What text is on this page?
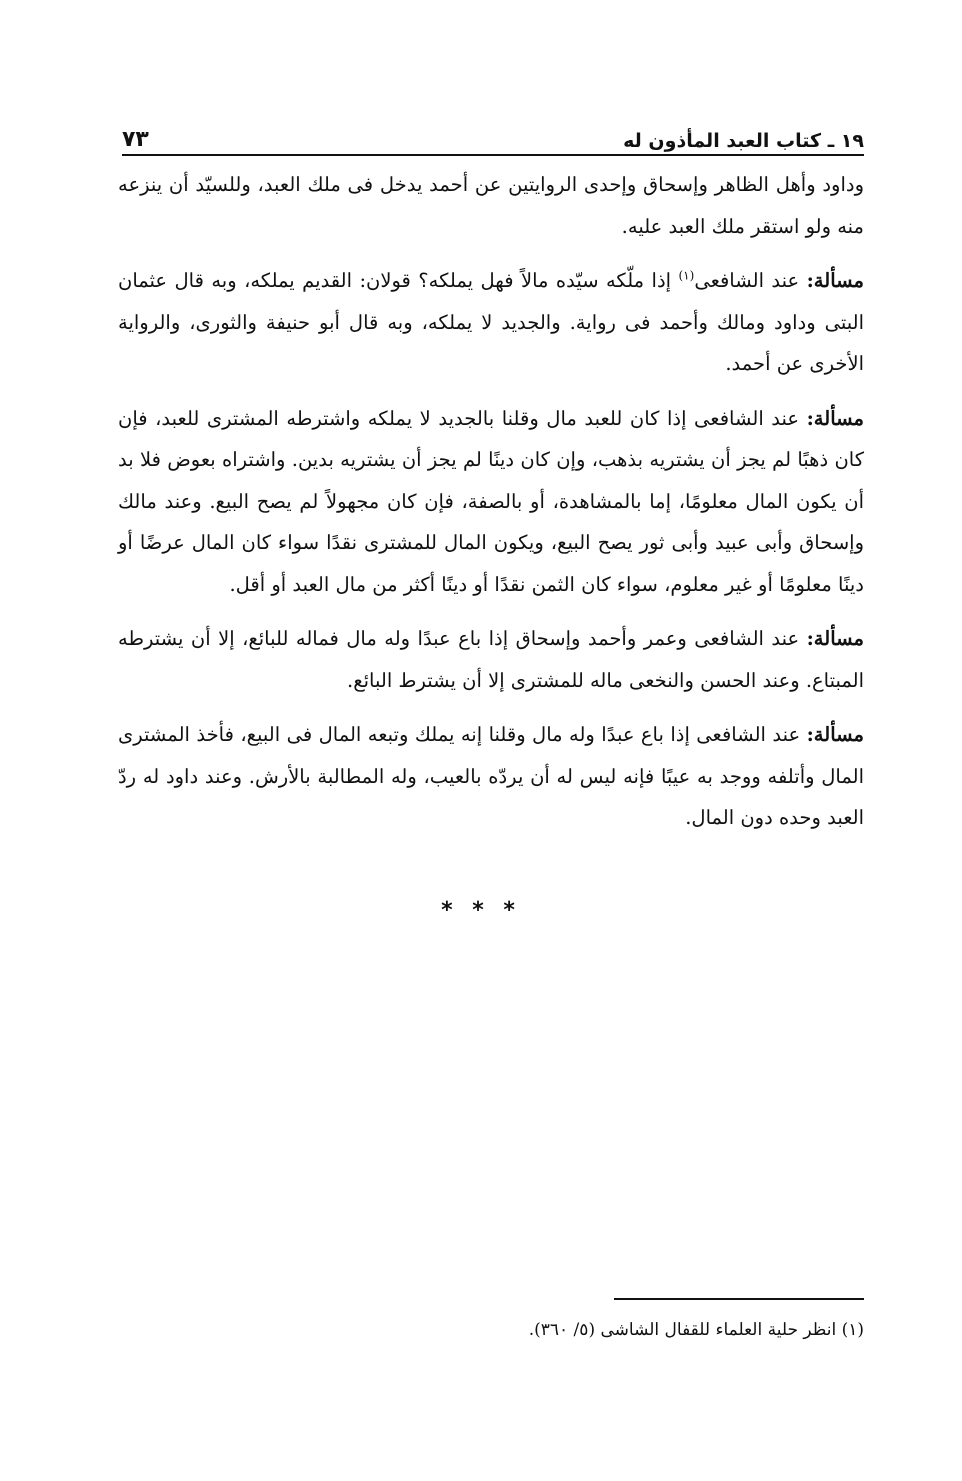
١٩ ـ كتاب العبد المأذون له
٧٣

وداود وأهل الظاهر وإسحاق وإحدى الروايتين عن أحمد يدخل فى ملك العبد، وللسيّد أن ينزعه منه ولو استقر ملك العبد عليه.

مسألة: عند الشافعى$^{(١)}$ إذا ملّكه سيّده مالاً فهل يملكه؟ قولان: القديم يملكه، وبه قال عثمان البتى وداود ومالك وأحمد فى رواية. والجديد لا يملكه، وبه قال أبو حنيفة والثورى، والرواية الأخرى عن أحمد.

مسألة: عند الشافعى إذا كان للعبد مال وقلنا بالجديد لا يملكه واشترطه المشترى للعبد، فإن كان ذهبًا لم يجز أن يشتريه بذهب، وإن كان دينًا لم يجز أن يشتريه بدين. واشتراه بعوض فلا بد أن يكون المال معلومًا، إما بالمشاهدة، أو بالصفة، فإن كان مجهولاً لم يصح البيع. وعند مالك وإسحاق وأبى عبيد وأبى ثور يصح البيع، ويكون المال للمشترى نقدًا سواء كان المال عرضًا أو دينًا معلومًا أو غير معلوم، سواء كان الثمن نقدًا أو دينًا أكثر من مال العبد أو أقل.

مسألة: عند الشافعى وعمر وأحمد وإسحاق إذا باع عبدًا وله مال فماله للبائع، إلا أن يشترطه المبتاع. وعند الحسن والنخعى ماله للمشترى إلا أن يشترط البائع.

مسألة: عند الشافعى إذا باع عبدًا وله مال وقلنا إنه يملك وتبعه المال فى البيع، فأخذ المشترى المال وأتلفه ووجد به عيبًا فإنه ليس له أن يردّه بالعيب، وله المطالبة بالأرش. وعند داود له ردّ العبد وحده دون المال.

* * *
(١) انظر حلية العلماء للقفال الشاشى (٥/ ٣٦٠).
